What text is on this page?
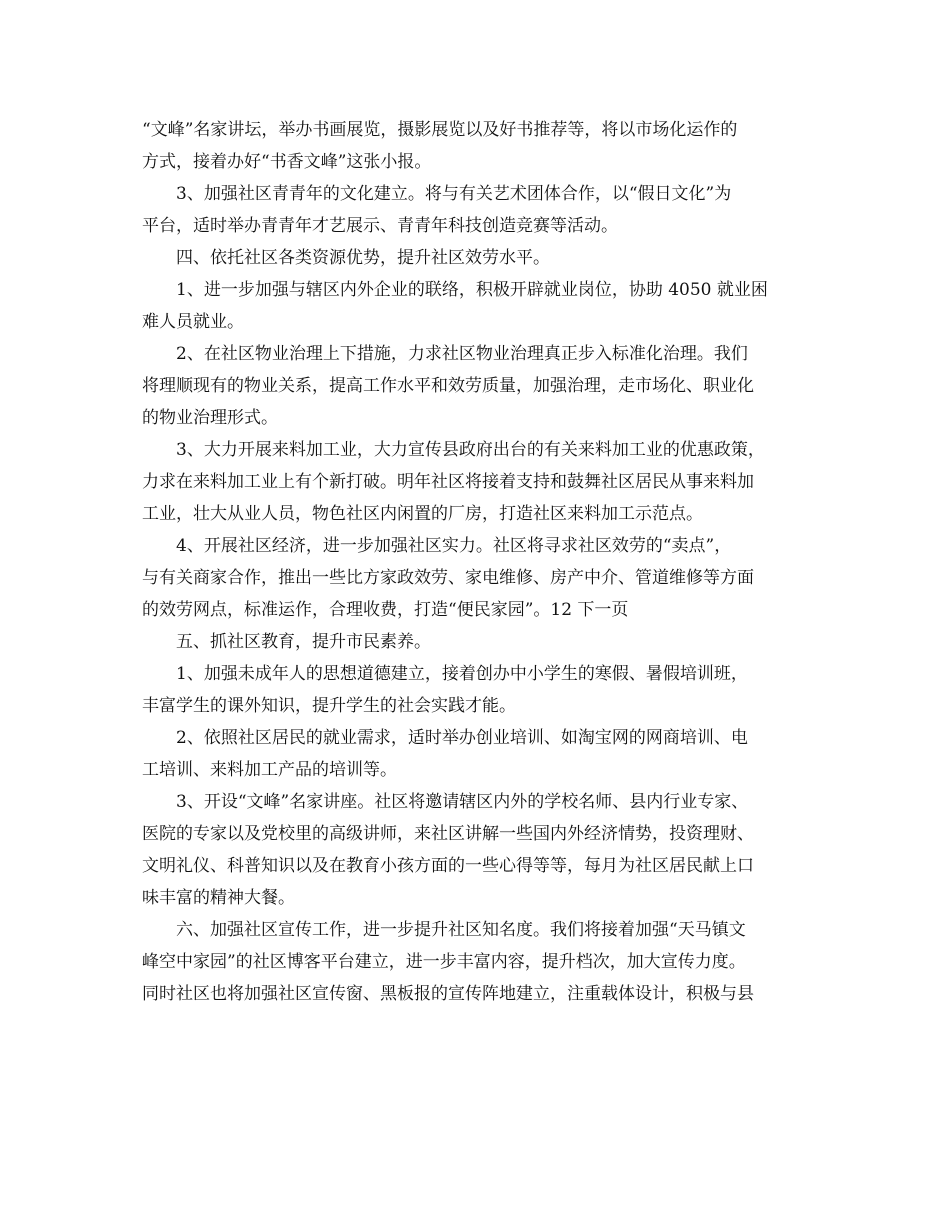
“文峰”名家讲坛，举办书画展览，摄影展览以及好书推荐等，将以市场化运作的

方式，接着办好“书香文峰”这张小报。

3、加强社区青青年的文化建立。将与有关艺术团体合作，以“假日文化”为

平台，适时举办青青年才艺展示、青青年科技创造竞赛等活动。

四、依托社区各类资源优势，提升社区效劳水平。

1、进一步加强与辖区内外企业的联络，积极开辟就业岗位，协助 4050 就业困

难人员就业。

2、在社区物业治理上下措施，力求社区物业治理真正步入标准化治理。我们

将理顺现有的物业关系，提高工作水平和效劳质量，加强治理，走市场化、职业化

的物业治理形式。

3、大力开展来料加工业，大力宣传县政府出台的有关来料加工业的优惠政策，

力求在来料加工业上有个新打破。明年社区将接着支持和鼓舞社区居民从事来料加

工业，壮大从业人员，物色社区内闲置的厂房，打造社区来料加工示范点。

4、开展社区经济，进一步加强社区实力。社区将寻求社区效劳的“卖点”，

与有关商家合作，推出一些比方家政效劳、家电维修、房产中介、管道维修等方面

的效劳网点，标准运作，合理收费，打造“便民家园”。12 下一页

五、抓社区教育，提升市民素养。

1、加强未成年人的思想道德建立，接着创办中小学生的寒假、暑假培训班，

丰富学生的课外知识，提升学生的社会实践才能。

2、依照社区居民的就业需求，适时举办创业培训、如淘宝网的网商培训、电

工培训、来料加工产品的培训等。

3、开设“文峰”名家讲座。社区将邀请辖区内外的学校名师、县内行业专家、

医院的专家以及党校里的高级讲师，来社区讲解一些国内外经济情势，投资理财、

文明礼仪、科普知识以及在教育小孩方面的一些心得等等，每月为社区居民献上口

味丰富的精神大餐。

六、加强社区宣传工作，进一步提升社区知名度。我们将接着加强“天马镇文

峰空中家园”的社区博客平台建立，进一步丰富内容，提升档次，加大宣传力度。

同时社区也将加强社区宣传窗、黑板报的宣传阵地建立，注重载体设计，积极与县
